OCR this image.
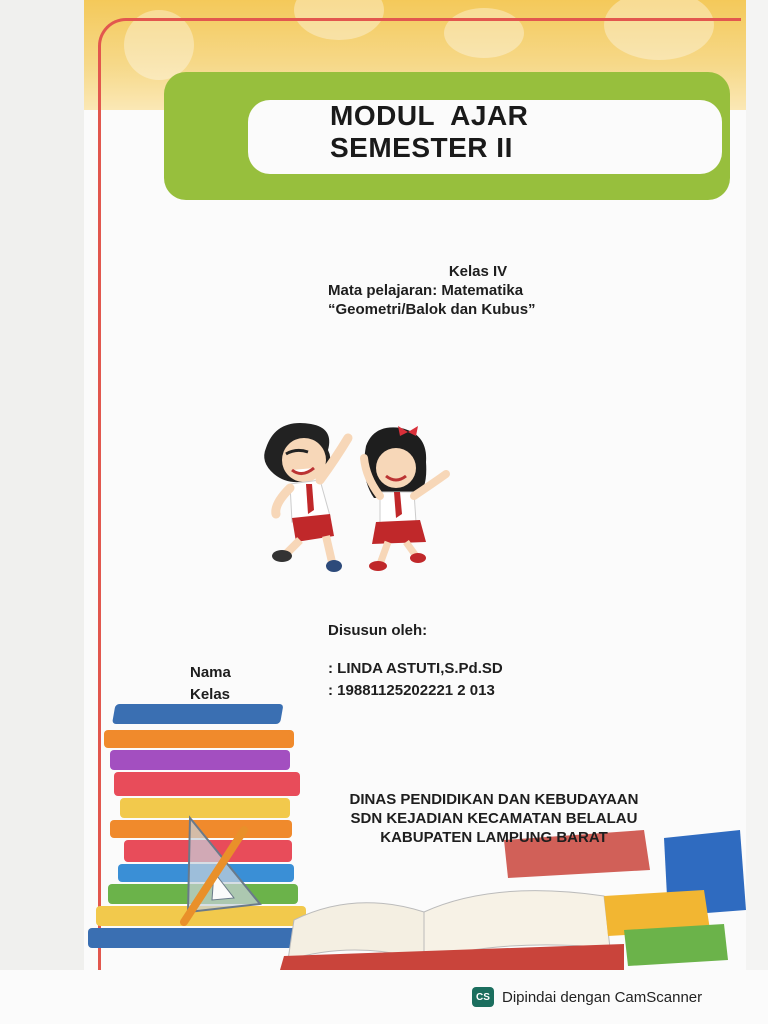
MODUL  AJAR
SEMESTER II
Kelas IV
Mata pelajaran: Matematika
“Geometri/Balok dan Kubus”
Disusun oleh:
Nama	: LINDA ASTUTI,S.Pd.SD
Kelas	: 19881125202221 2 013
DINAS PENDIDIKAN DAN KEBUDAYAAN
SDN KEJADIAN KECAMATAN BELALAU
KABUPATEN LAMPUNG BARAT
CS Dipindai dengan CamScanner
